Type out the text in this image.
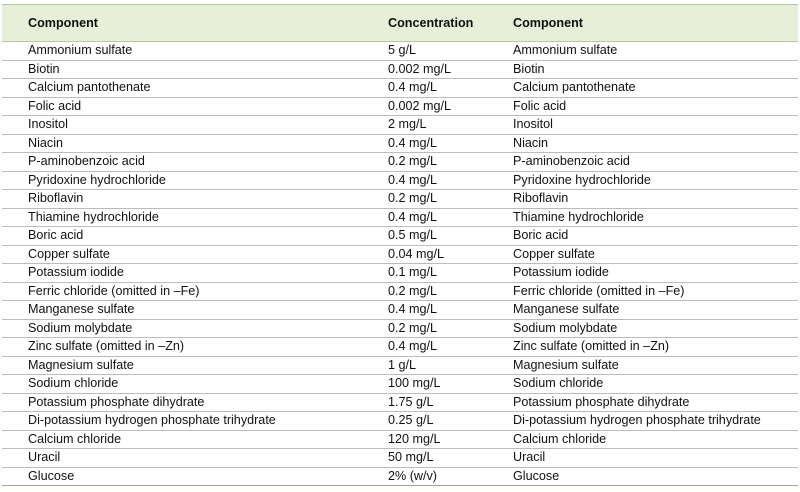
Component	Concentration	Component
Ammonium sulfate	5 g/L	Ammonium sulfate
Biotin	0.002 mg/L	Biotin
Calcium pantothenate	0.4 mg/L	Calcium pantothenate
Folic acid	0.002 mg/L	Folic acid
Inositol	2 mg/L	Inositol
Niacin	0.4 mg/L	Niacin
P-aminobenzoic acid	0.2 mg/L	P-aminobenzoic acid
Pyridoxine hydrochloride	0.4 mg/L	Pyridoxine hydrochloride
Riboflavin	0.2 mg/L	Riboflavin
Thiamine hydrochloride	0.4 mg/L	Thiamine hydrochloride
Boric acid	0.5 mg/L	Boric acid
Copper sulfate	0.04 mg/L	Copper sulfate
Potassium iodide	0.1 mg/L	Potassium iodide
Ferric chloride (omitted in –Fe)	0.2 mg/L	Ferric chloride (omitted in –Fe)
Manganese sulfate	0.4 mg/L	Manganese sulfate
Sodium molybdate	0.2 mg/L	Sodium molybdate
Zinc sulfate (omitted in –Zn)	0.4 mg/L	Zinc sulfate (omitted in –Zn)
Magnesium sulfate	1 g/L	Magnesium sulfate
Sodium chloride	100 mg/L	Sodium chloride
Potassium phosphate dihydrate	1.75 g/L	Potassium phosphate dihydrate
Di-potassium hydrogen phosphate trihydrate	0.25 g/L	Di-potassium hydrogen phosphate trihydrate
Calcium chloride	120 mg/L	Calcium chloride
Uracil	50 mg/L	Uracil
Glucose	2% (w/v)	Glucose
